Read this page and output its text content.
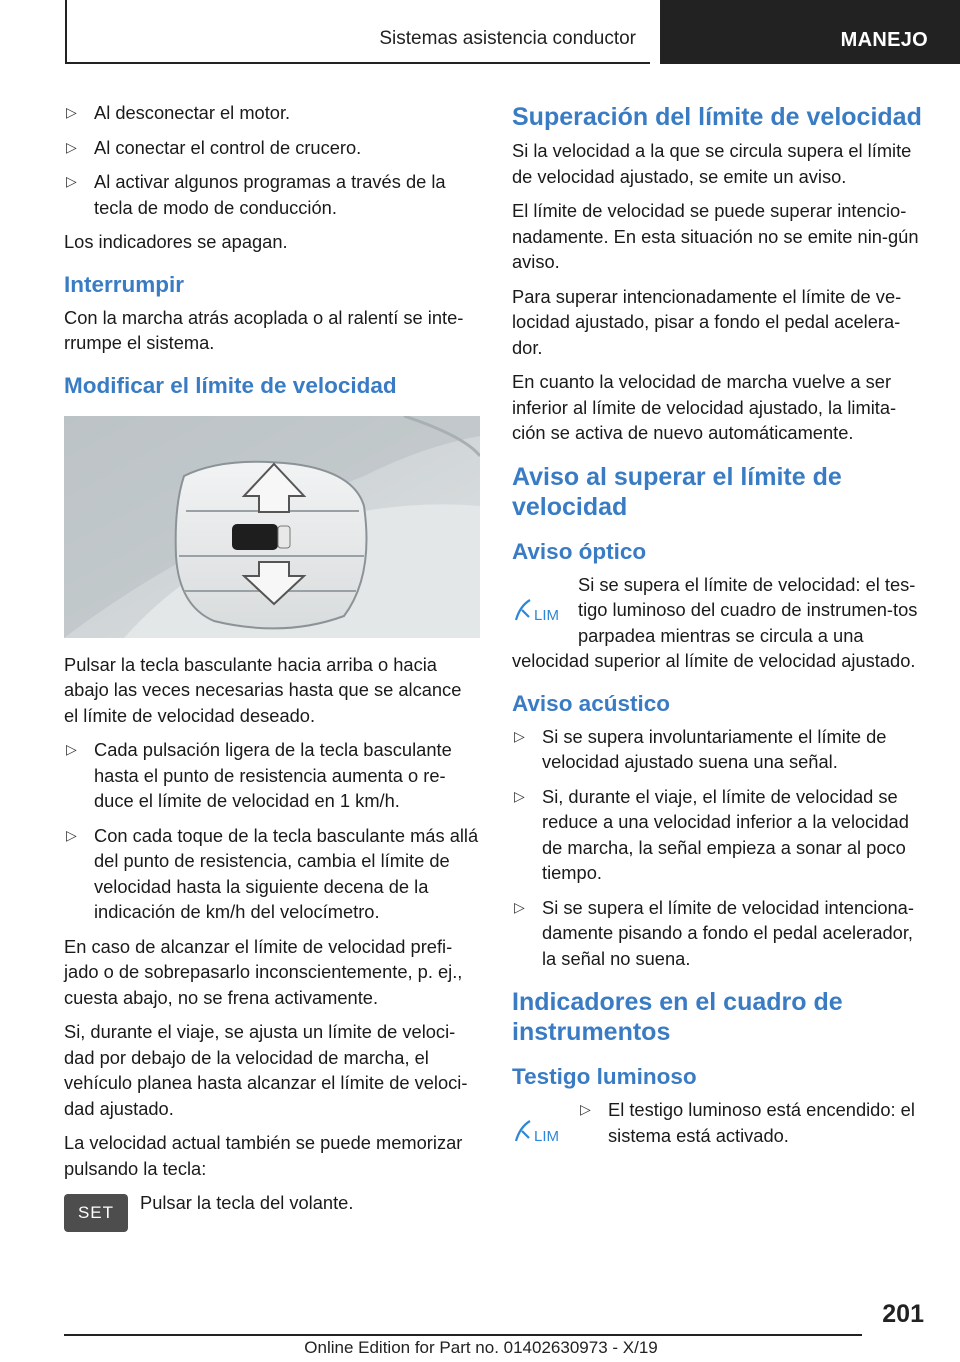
Sistemas asistencia conductor	MANEJO
▷ Al desconectar el motor.
▷ Al conectar el control de crucero.
▷ Al activar algunos programas a través de la tecla de modo de conducción.

Los indicadores se apagan.

Interrumpir

Con la marcha atrás acoplada o al ralentí se inte-rrumpe el sistema.

Modificar el límite de velocidad

Pulsar la tecla basculante hacia arriba o hacia abajo las veces necesarias hasta que se alcance el límite de velocidad deseado.

▷ Cada pulsación ligera de la tecla basculante hasta el punto de resistencia aumenta o re-duce el límite de velocidad en 1 km/h.
▷ Con cada toque de la tecla basculante más allá del punto de resistencia, cambia el límite de velocidad hasta la siguiente decena de la indicación de km/h del velocímetro.

En caso de alcanzar el límite de velocidad prefi-jado o de sobrepasarlo inconscientemente, p. ej., cuesta abajo, no se frena activamente.

Si, durante el viaje, se ajusta un límite de veloci-dad por debajo de la velocidad de marcha, el vehículo planea hasta alcanzar el límite de veloci-dad ajustado.

La velocidad actual también se puede memorizar pulsando la tecla:

SET	Pulsar la tecla del volante.

Superación del límite de velocidad

Si la velocidad a la que se circula supera el límite de velocidad ajustado, se emite un aviso.

El límite de velocidad se puede superar intencio-nadamente. En esta situación no se emite nin-gún aviso.

Para superar intencionadamente el límite de ve-locidad ajustado, pisar a fondo el pedal acelera-dor.

En cuanto la velocidad de marcha vuelve a ser inferior al límite de velocidad ajustado, la limita-ción se activa de nuevo automáticamente.

Aviso al superar el límite de velocidad
Aviso óptico
LIM

Si se supera el límite de velocidad: el tes-tigo luminoso del cuadro de instrumen-tos parpadea mientras se circula a una velocidad superior al límite de velocidad ajustado.

Aviso acústico
▷ Si se supera involuntariamente el límite de velocidad ajustado suena una señal.
▷ Si, durante el viaje, el límite de velocidad se reduce a una velocidad inferior a la velocidad de marcha, la señal empieza a sonar al poco tiempo.
▷ Si se supera el límite de velocidad intenciona-damente pisando a fondo el pedal acelerador, la señal no suena.
Indicadores en el cuadro de instrumentos
Testigo luminoso
LIM
▷ El testigo luminoso está encendido: el sistema está activado.
201
Online Edition for Part no. 01402630973 - X/19
